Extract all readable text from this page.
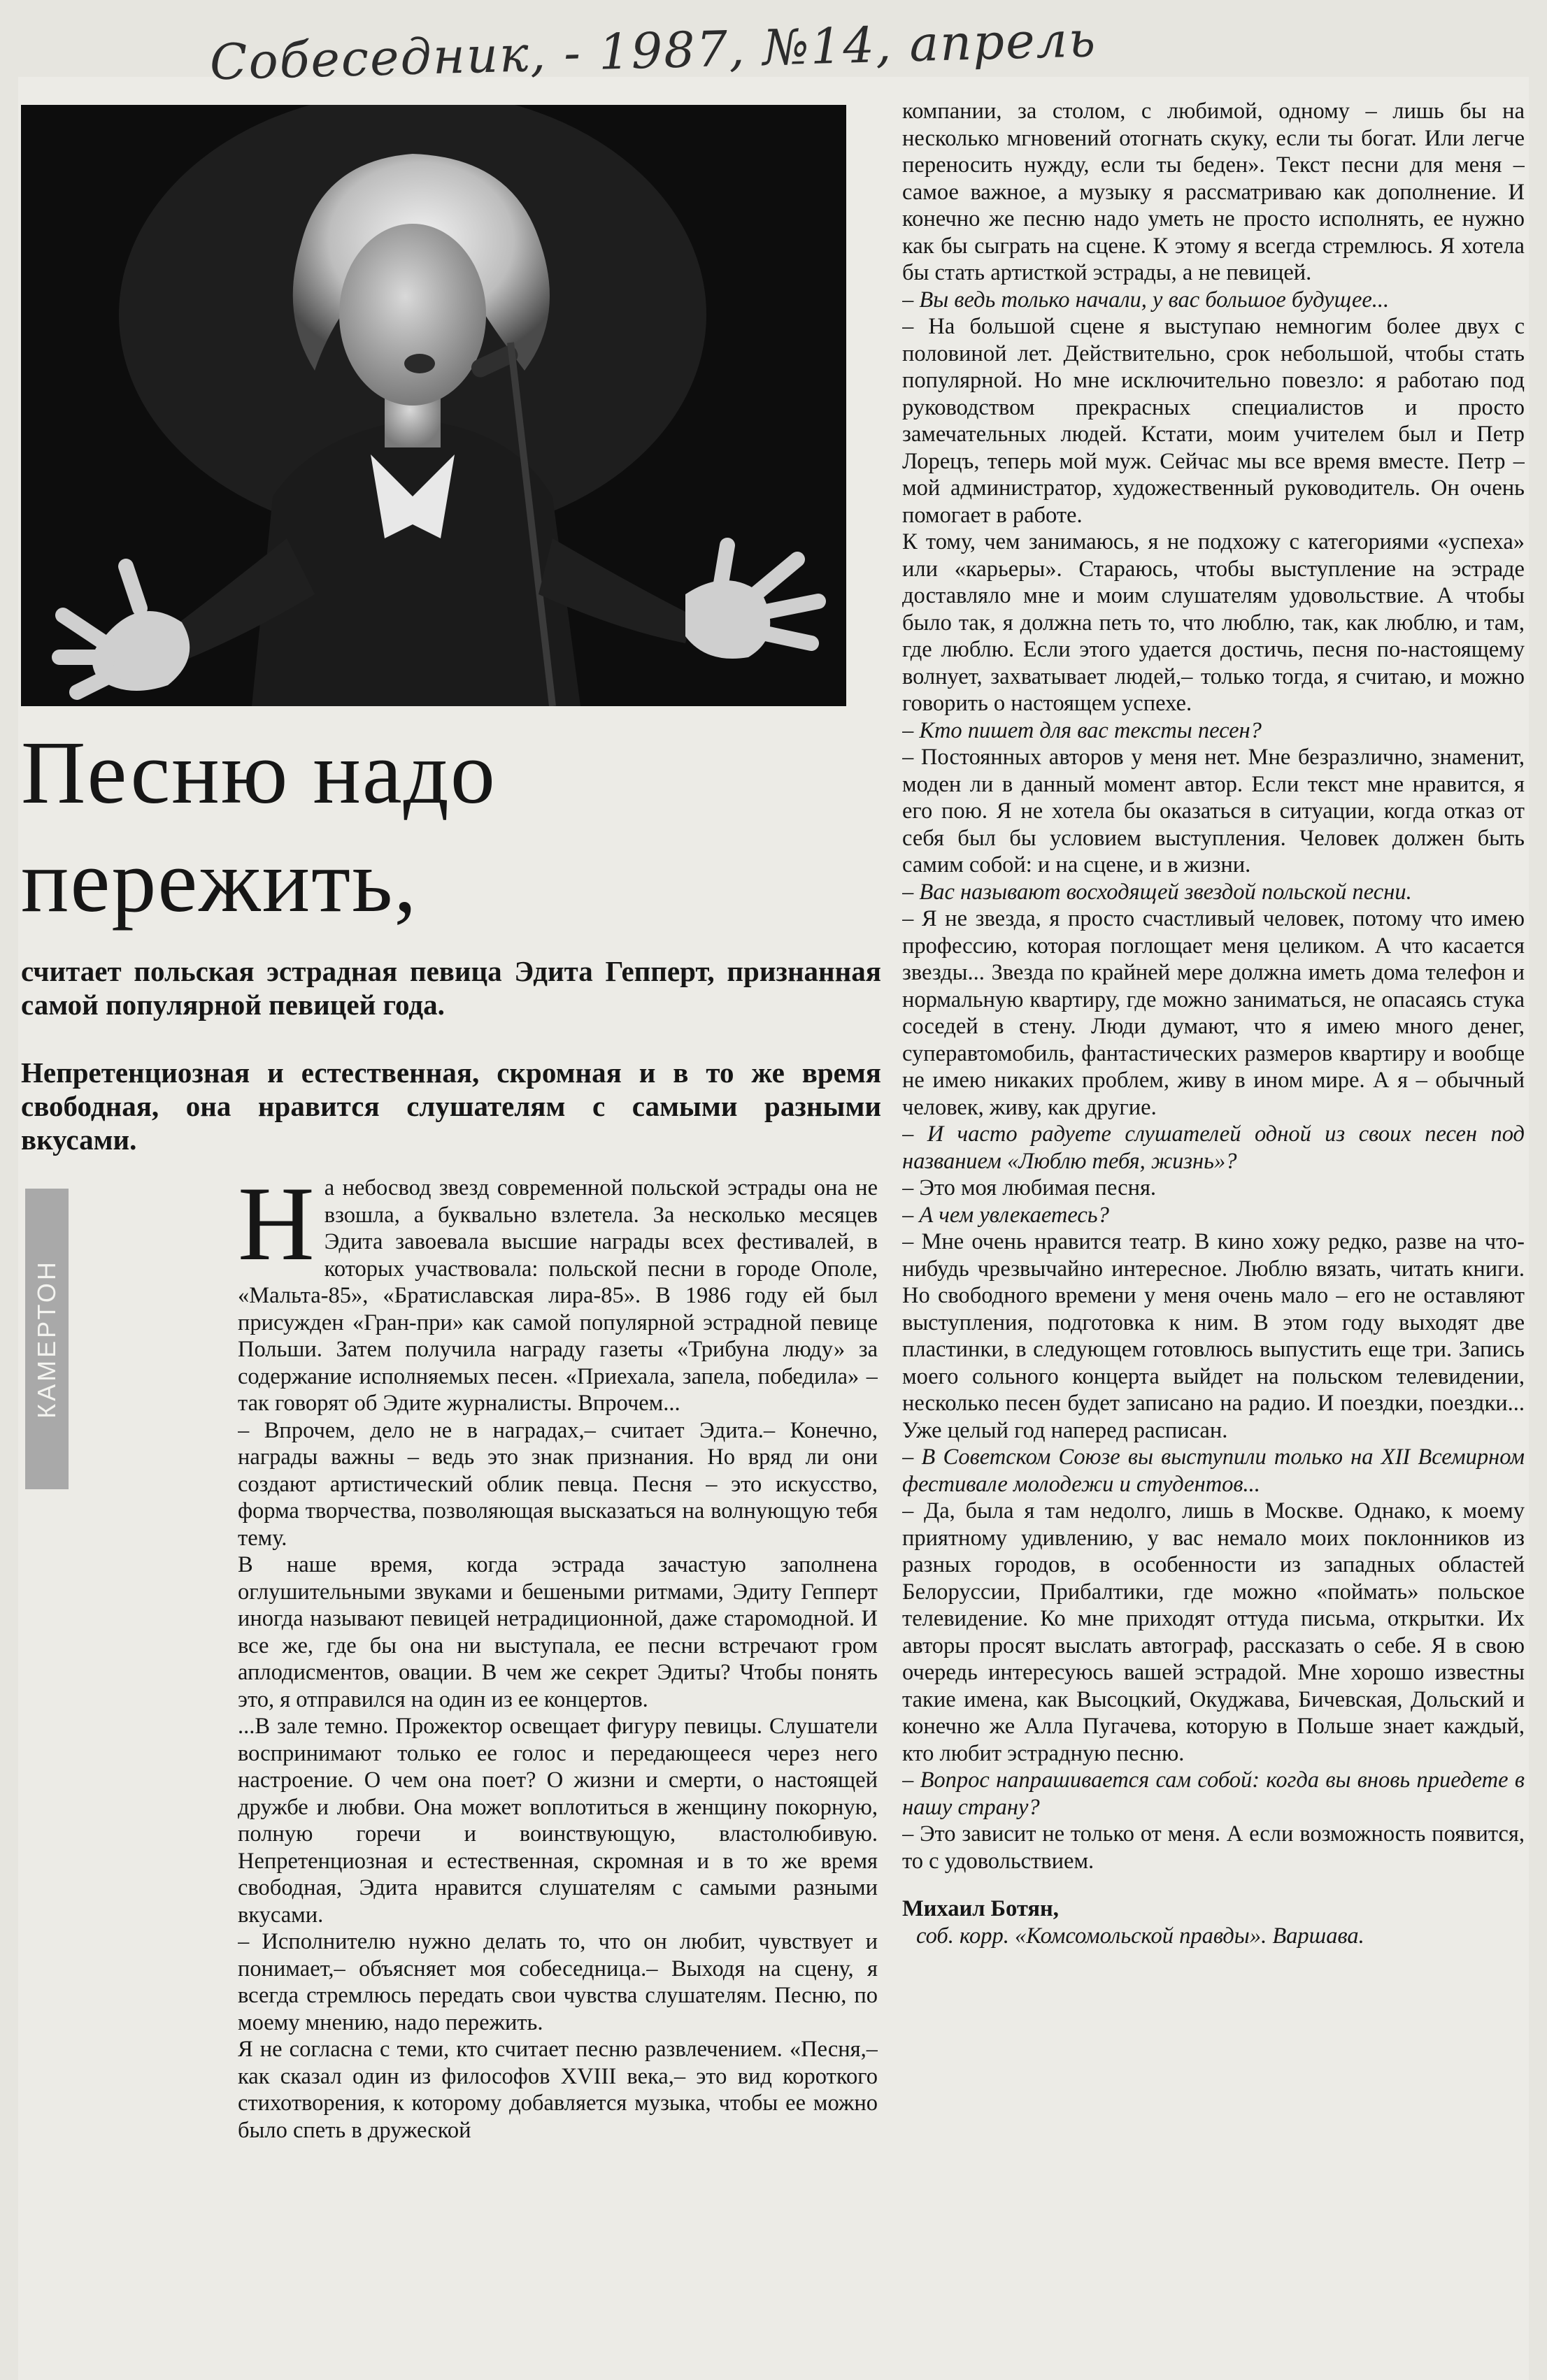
Собеседник, - 1987, №14, апрель
Песню надо
пережить,

считает польская эстрадная певица Эдита Гепперт, признанная самой популярной певицей года.

Непретенциозная и естественная, скромная и в то же время свободная, она нравится слушателям с самыми разными вкусами.

КАМЕРТОН

На небосвод звезд современной польской эстрады она не взошла, а буквально взлетела. За несколько месяцев Эдита завоевала высшие награды всех фестивалей, в которых участвовала: польской песни в городе Ополе, «Мальта-85», «Братиславская лира-85». В 1986 году ей был присужден «Гран-при» как самой популярной эстрадной певице Польши. Затем получила награду газеты «Трибуна люду» за содержание исполняемых песен. «Приехала, запела, победила» – так говорят об Эдите журналисты. Впрочем...

– Впрочем, дело не в наградах,– считает Эдита.– Конечно, награды важны – ведь это знак признания. Но вряд ли они создают артистический облик певца. Песня – это искусство, форма творчества, позволяющая высказаться на волнующую тебя тему.

В наше время, когда эстрада зачастую заполнена оглушительными звуками и бешеными ритмами, Эдиту Гепперт иногда называют певицей нетрадиционной, даже старомодной. И все же, где бы она ни выступала, ее песни встречают гром аплодисментов, овации. В чем же секрет Эдиты? Чтобы понять это, я отправился на один из ее концертов.

...В зале темно. Прожектор освещает фигуру певицы. Слушатели воспринимают только ее голос и передающееся через него настроение. О чем она поет? О жизни и смерти, о настоящей дружбе и любви. Она может воплотиться в женщину покорную, полную горечи и воинствующую, властолюбивую. Непретенциозная и естественная, скромная и в то же время свободная, Эдита нравится слушателям с самыми разными вкусами.

– Исполнителю нужно делать то, что он любит, чувствует и понимает,– объясняет моя собеседница.– Выходя на сцену, я всегда стремлюсь передать свои чувства слушателям. Песню, по моему мнению, надо пережить.

Я не согласна с теми, кто считает песню развлечением. «Песня,– как сказал один из философов XVIII века,– это вид короткого стихотворения, к которому добавляется музыка, чтобы ее можно было спеть в дружеской

компании, за столом, с любимой, одному – лишь бы на несколько мгновений отогнать скуку, если ты богат. Или легче переносить нужду, если ты беден». Текст песни для меня – самое важное, а музыку я рассматриваю как дополнение. И конечно же песню надо уметь не просто исполнять, ее нужно как бы сыграть на сцене. К этому я всегда стремлюсь. Я хотела бы стать артисткой эстрады, а не певицей.

– Вы ведь только начали, у вас большое будущее...

– На большой сцене я выступаю немногим более двух с половиной лет. Действительно, срок небольшой, чтобы стать популярной. Но мне исключительно повезло: я работаю под руководством прекрасных специалистов и просто замечательных людей. Кстати, моим учителем был и Петр Лорецъ, теперь мой муж. Сейчас мы все время вместе. Петр – мой администратор, художественный руководитель. Он очень помогает в работе.

К тому, чем занимаюсь, я не подхожу с категориями «успеха» или «карьеры». Стараюсь, чтобы выступление на эстраде доставляло мне и моим слушателям удовольствие. А чтобы было так, я должна петь то, что люблю, так, как люблю, и там, где люблю. Если этого удается достичь, песня по-настоящему волнует, захватывает людей,– только тогда, я считаю, и можно говорить о настоящем успехе.

– Кто пишет для вас тексты песен?

– Постоянных авторов у меня нет. Мне безразлично, знаменит, моден ли в данный момент автор. Если текст мне нравится, я его пою. Я не хотела бы оказаться в ситуации, когда отказ от себя был бы условием выступления. Человек должен быть самим собой: и на сцене, и в жизни.

– Вас называют восходящей звездой польской песни.

– Я не звезда, я просто счастливый человек, потому что имею профессию, которая поглощает меня целиком. А что касается звезды... Звезда по крайней мере должна иметь дома телефон и нормальную квартиру, где можно заниматься, не опасаясь стука соседей в стену. Люди думают, что я имею много денег, суперавтомобиль, фантастических размеров квартиру и вообще не имею никаких проблем, живу в ином мире. А я – обычный человек, живу, как другие.

– И часто радуете слушателей одной из своих песен под названием «Люблю тебя, жизнь»?

– Это моя любимая песня.

– А чем увлекаетесь?

– Мне очень нравится театр. В кино хожу редко, разве на что-нибудь чрезвычайно интересное. Люблю вязать, читать книги. Но свободного времени у меня очень мало – его не оставляют выступления, подготовка к ним. В этом году выходят две пластинки, в следующем готовлюсь выпустить еще три. Запись моего сольного концерта выйдет на польском телевидении, несколько песен будет записано на радио. И поездки, поездки... Уже целый год наперед расписан.

– В Советском Союзе вы выступили только на XII Всемирном фестивале молодежи и студентов...

– Да, была я там недолго, лишь в Москве. Однако, к моему приятному удивлению, у вас немало моих поклонников из разных городов, в особенности из западных областей Белоруссии, Прибалтики, где можно «поймать» польское телевидение. Ко мне приходят оттуда письма, открытки. Их авторы просят выслать автограф, рассказать о себе. Я в свою очередь интересуюсь вашей эстрадой. Мне хорошо известны такие имена, как Высоцкий, Окуджава, Бичевская, Дольский и конечно же Алла Пугачева, которую в Польше знает каждый, кто любит эстрадную песню.

– Вопрос напрашивается сам собой: когда вы вновь приедете в нашу страну?

– Это зависит не только от меня. А если возможность появится, то с удовольствием.

Михаил Ботян,

соб. корр. «Комсомольской правды». Варшава.
